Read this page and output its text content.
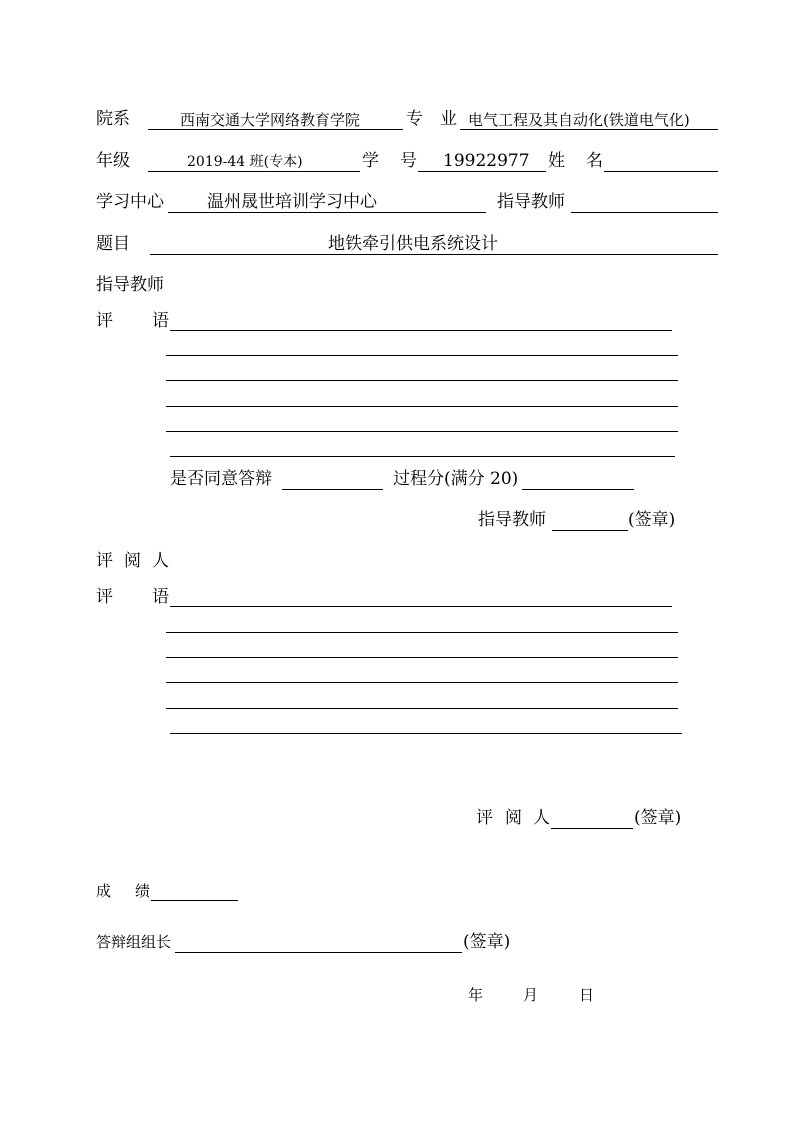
院系	西南交通大学网络教育学院	专 业 电气工程及其自动化(铁道电气化)
年级	2019-44 班(专本)	学 号 19922977 姓 名
学习中心	温州晟世培训学习中心	指导教师
题目	地铁牵引供电系统设计
指导教师
评 语
是否同意答辩	过程分(满分 20)
指导教师	(签章)
评 阅 人
评 语
评 阅 人	(签章)
成 绩
答辩组组长	(签章)
年	月	日
